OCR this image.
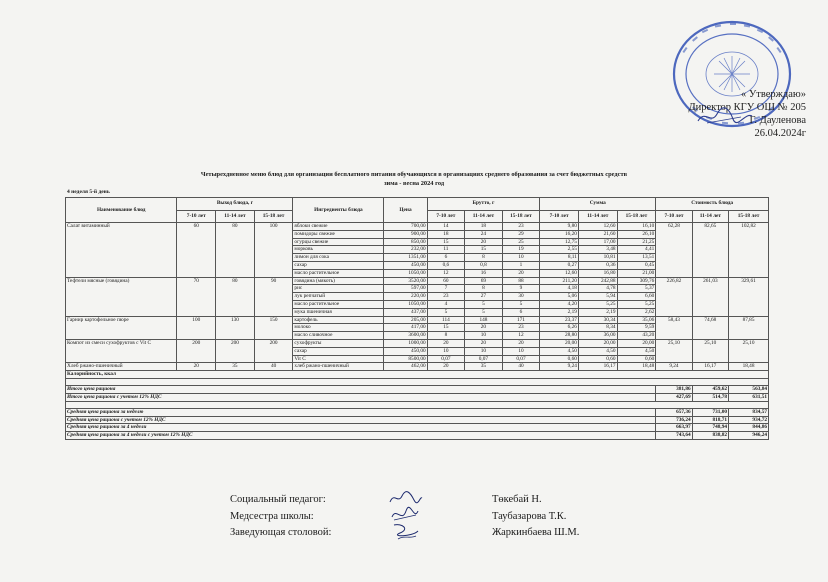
« Утверждаю»
Директор КГУ ОШ № 205
Г. Дауленова
26.04.2024г
Четырехдневное меню блюд для организации бесплатного питания обучающихся в организациях среднего образования за счет бюджетных средств
зима - весна 2024 год
4 неделя 5-й день
Наименование блюд	Выход блюда, г			Ингредиенты блюда	Цена	Брутто, г			Сумма			Стоимость блюда		
	7-10 лет	11-14 лет	15-18 лет			7-10 лет	11-14 лет	15-18 лет	7-10 лет	11-14 лет	15-18 лет	7-10 лет	11-14 лет	15-18 лет
Салат витаминный	60	80	100	яблоки свежие	700,00	14	18	23	9,80	12,60	16,10	62,28	82,65	102,82
				помидоры свежие	900,00	18	24	29	16,20	21,60	26,10			
				огурцы свежие	850,00	15	20	25	12,75	17,00	21,25			
				морковь	232,00	11	15	19	2,55	3,48	4,41			
				лимон для сока	1351,00	6	8	10	8,11	10,81	13,51			
				сахар	450,00	0,6	0,8	1	0,27	0,36	0,45			
				масло растительное	1050,00	12	16	20	12,60	16,80	21,00			
Тефтели мясные (говядина)	70	80	90	говядина (мякоть)	3520,00	60	69	88	211,20	242,88	309,76	226,82	261,03	329,61
				рис	597,00	7	8	9	4,18	4,78	5,37			
				лук репчатый	220,00	23	27	30	5,06	5,94	6,60			
				масло растительное	1050,00	4	5	5	4,20	5,25	5,25			
				мука пшеничная	437,00	5	5	6	2,19	2,19	2,62			
Гарнир картофельное пюре	100	130	150	картофель	205,00	114	148	171	23,37	30,34	35,06	58,43	74,68	87,85
				молоко	417,00	15	20	23	6,26	8,34	9,59			
				масло сливочное	3600,00	8	10	12	28,80	36,00	43,20			
Компот из смеси сухофруктов с Vit C	200	200	200	сухофрукты	1000,00	20	20	20	20,00	20,00	20,00	25,10	25,10	25,10
				сахар	450,00	10	10	10	4,50	4,50	4,50			
				Vit C	8500,00	0,07	0,07	0,07	0,60	0,60	0,60			
Хлеб ржано-пшеничный	20	35	40	хлеб ржано-пшеничный	462,00	20	35	40	9,24	16,17	18,48	9,24	16,17	18,48
Калорийность, ккал														

Итого цена рациона												381,86	459,62	563,84
Итого цена рациона с учетом 12% НДС												427,69	514,78	631,51

Средняя цена рациона за неделю												657,36	731,00	834,57
Средняя цена рациона с учетом 12% НДС												736,24	818,71	934,72
Средняя цена рациона за 4 недели												663,97	748,94	844,86
Средняя цена рациона за 4 недели с учетом 12% НДС												743,64	838,82	946,24
Социальный педагог:	Төкебай Н.
Медсестра школы:	Таубазарова Т.К.
Заведующая столовой:	Жаркинбаева Ш.М.
